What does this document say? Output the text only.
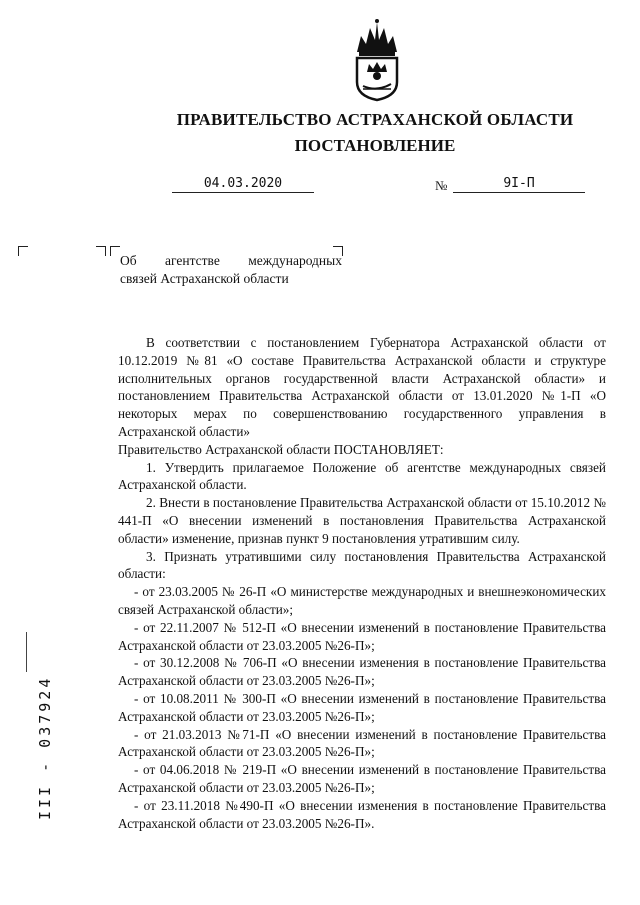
ПРАВИТЕЛЬСТВО АСТРАХАНСКОЙ ОБЛАСТИ
ПОСТАНОВЛЕНИЕ
04.03.2020	№	9I-П
Об агентстве международных
связей Астраханской области

В соответствии с постановлением Губернатора Астраханской области от 10.12.2019 №81 «О составе Правительства Астраханской области и структуре исполнительных органов государственной власти Астраханской области» и постановлением Правительства Астраханской области от 13.01.2020 №1-П «О некоторых мерах по совершенствованию государственного управления в Астраханской области»

Правительство Астраханской области ПОСТАНОВЛЯЕТ:

1. Утвердить прилагаемое Положение об агентстве международных связей Астраханской области.

2. Внести в постановление Правительства Астраханской области от 15.10.2012 № 441-П «О внесении изменений в постановления Правительства Астраханской области» изменение, признав пункт 9 постановления утратившим силу.

3. Признать утратившими силу постановления Правительства Астраханской области:

- от 23.03.2005 № 26-П «О министерстве международных и внешнеэкономических связей Астраханской области»;

- от 22.11.2007 № 512-П «О внесении изменений в постановление Правительства Астраханской области от 23.03.2005 №26-П»;

- от 30.12.2008 № 706-П «О внесении изменения в постановление Правительства Астраханской области от 23.03.2005 №26-П»;

- от 10.08.2011 № 300-П «О внесении изменений в постановление Правительства Астраханской области от 23.03.2005 №26-П»;

- от 21.03.2013 №71-П «О внесении изменений в постановление Правительства Астраханской области от 23.03.2005 №26-П»;

- от 04.06.2018 № 219-П «О внесении изменений в постановление Правительства Астраханской области от 23.03.2005 №26-П»;

- от 23.11.2018 №490-П «О внесении изменения в постановление Правительства Астраханской области от 23.03.2005 №26-П».

III - 037924
